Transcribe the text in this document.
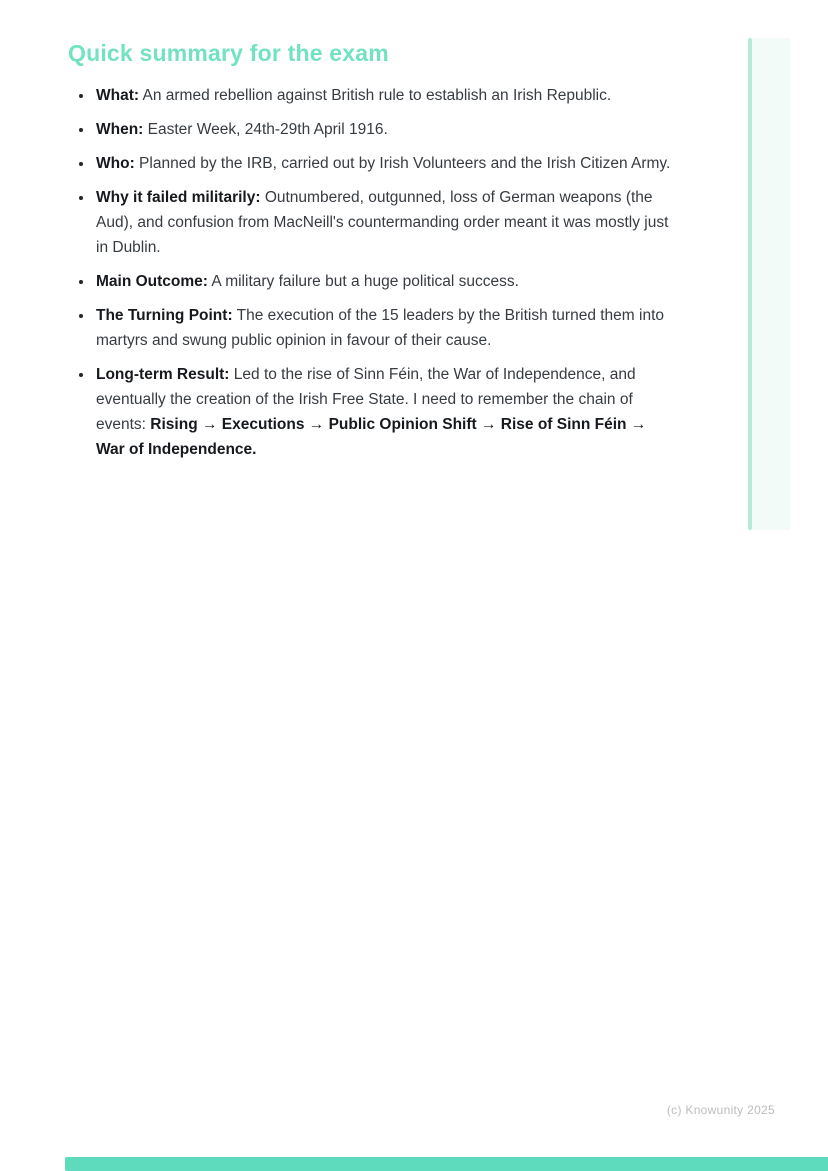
Quick summary for the exam
• What: An armed rebellion against British rule to establish an Irish Republic.
• When: Easter Week, 24th-29th April 1916.
• Who: Planned by the IRB, carried out by Irish Volunteers and the Irish Citizen Army.
• Why it failed militarily: Outnumbered, outgunned, loss of German weapons (the Aud), and confusion from MacNeill's countermanding order meant it was mostly just in Dublin.
• Main Outcome: A military failure but a huge political success.
• The Turning Point: The execution of the 15 leaders by the British turned them into martyrs and swung public opinion in favour of their cause.
• Long-term Result: Led to the rise of Sinn Féin, the War of Independence, and eventually the creation of the Irish Free State. I need to remember the chain of events: Rising → Executions → Public Opinion Shift → Rise of Sinn Féin → War of Independence.
(c) Knowunity 2025
